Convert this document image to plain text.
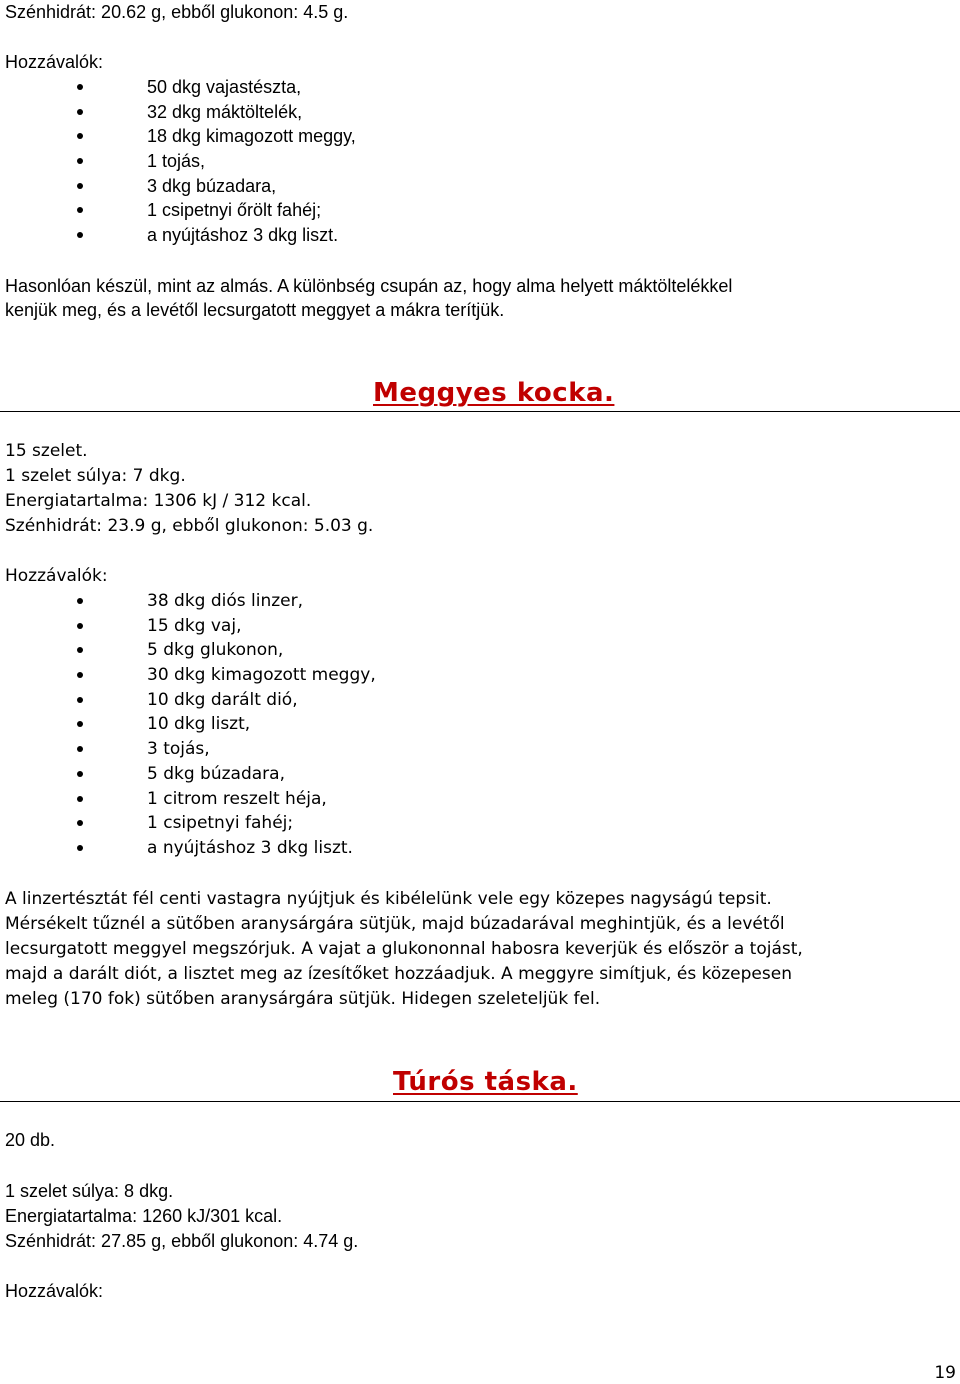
Szénhidrát: 20.62 g, ebből glukonon: 4.5 g.
Hozzávalók:
50 dkg vajastészta,
32 dkg máktöltelék,
18 dkg kimagozott meggy,
1 tojás,
3 dkg búzadara,
1 csipetnyi őrölt fahéj;
a nyújtáshoz 3 dkg liszt.
Hasonlóan készül, mint az almás. A különbség csupán az, hogy alma helyett máktöltelékkel
kenjük meg, és a levétől lecsurgatott meggyet a mákra terítjük.
Meggyes kocka.
15 szelet.
1 szelet súlya: 7 dkg.
Energiatartalma: 1306 kJ / 312 kcal.
Szénhidrát: 23.9 g, ebből glukonon: 5.03 g.
Hozzávalók:
38 dkg diós linzer,
15 dkg vaj,
5 dkg glukonon,
30 dkg kimagozott meggy,
10 dkg darált dió,
10 dkg liszt,
3 tojás,
5 dkg búzadara,
1 citrom reszelt héja,
1 csipetnyi fahéj;
a nyújtáshoz 3 dkg liszt.
A linzertésztát fél centi vastagra nyújtjuk és kibélelünk vele egy közepes nagyságú tepsit.
Mérsékelt tűznél a sütőben aranysárgára sütjük, majd búzadarával meghintjük, és a levétől
lecsurgatott meggyel megszórjuk. A vajat a glukononnal habosra keverjük és először a tojást,
majd a darált diót, a lisztet meg az ízesítőket hozzáadjuk. A meggyre simítjuk, és közepesen
meleg (170 fok) sütőben aranysárgára sütjük. Hidegen szeleteljük fel.
Túrós táska.
20 db.
1 szelet súlya: 8 dkg.
Energiatartalma: 1260 kJ/301 kcal.
Szénhidrát: 27.85 g, ebből glukonon: 4.74 g.
Hozzávalók:
19
